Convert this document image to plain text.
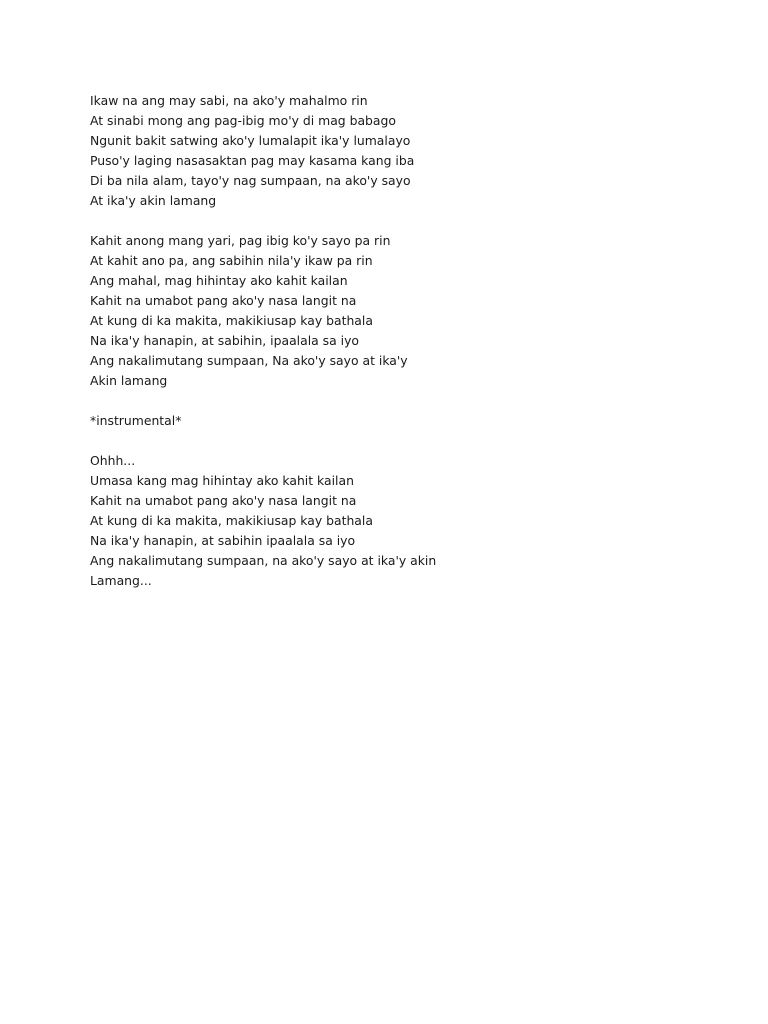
Ikaw na ang may sabi, na ako'y mahalmo rin
At sinabi mong ang pag-ibig mo'y di mag babago
Ngunit bakit satwing ako'y lumalapit ika'y lumalayo
Puso'y laging nasasaktan pag may kasama kang iba
Di ba nila alam, tayo'y nag sumpaan, na ako'y sayo
At ika'y akin lamang
Kahit anong mang yari, pag ibig ko'y sayo pa rin
At kahit ano pa, ang sabihin nila'y ikaw pa rin
Ang mahal, mag hihintay ako kahit kailan
Kahit na umabot pang ako'y nasa langit na
At kung di ka makita, makikiusap kay bathala
Na ika'y hanapin, at sabihin, ipaalala sa iyo
Ang nakalimutang sumpaan, Na ako'y sayo at ika'y
Akin lamang
*instrumental*
Ohhh...
Umasa kang mag hihintay ako kahit kailan
Kahit na umabot pang ako'y nasa langit na
At kung di ka makita, makikiusap kay bathala
Na ika'y hanapin, at sabihin ipaalala sa iyo
Ang nakalimutang sumpaan, na ako'y sayo at ika'y akin
Lamang...
